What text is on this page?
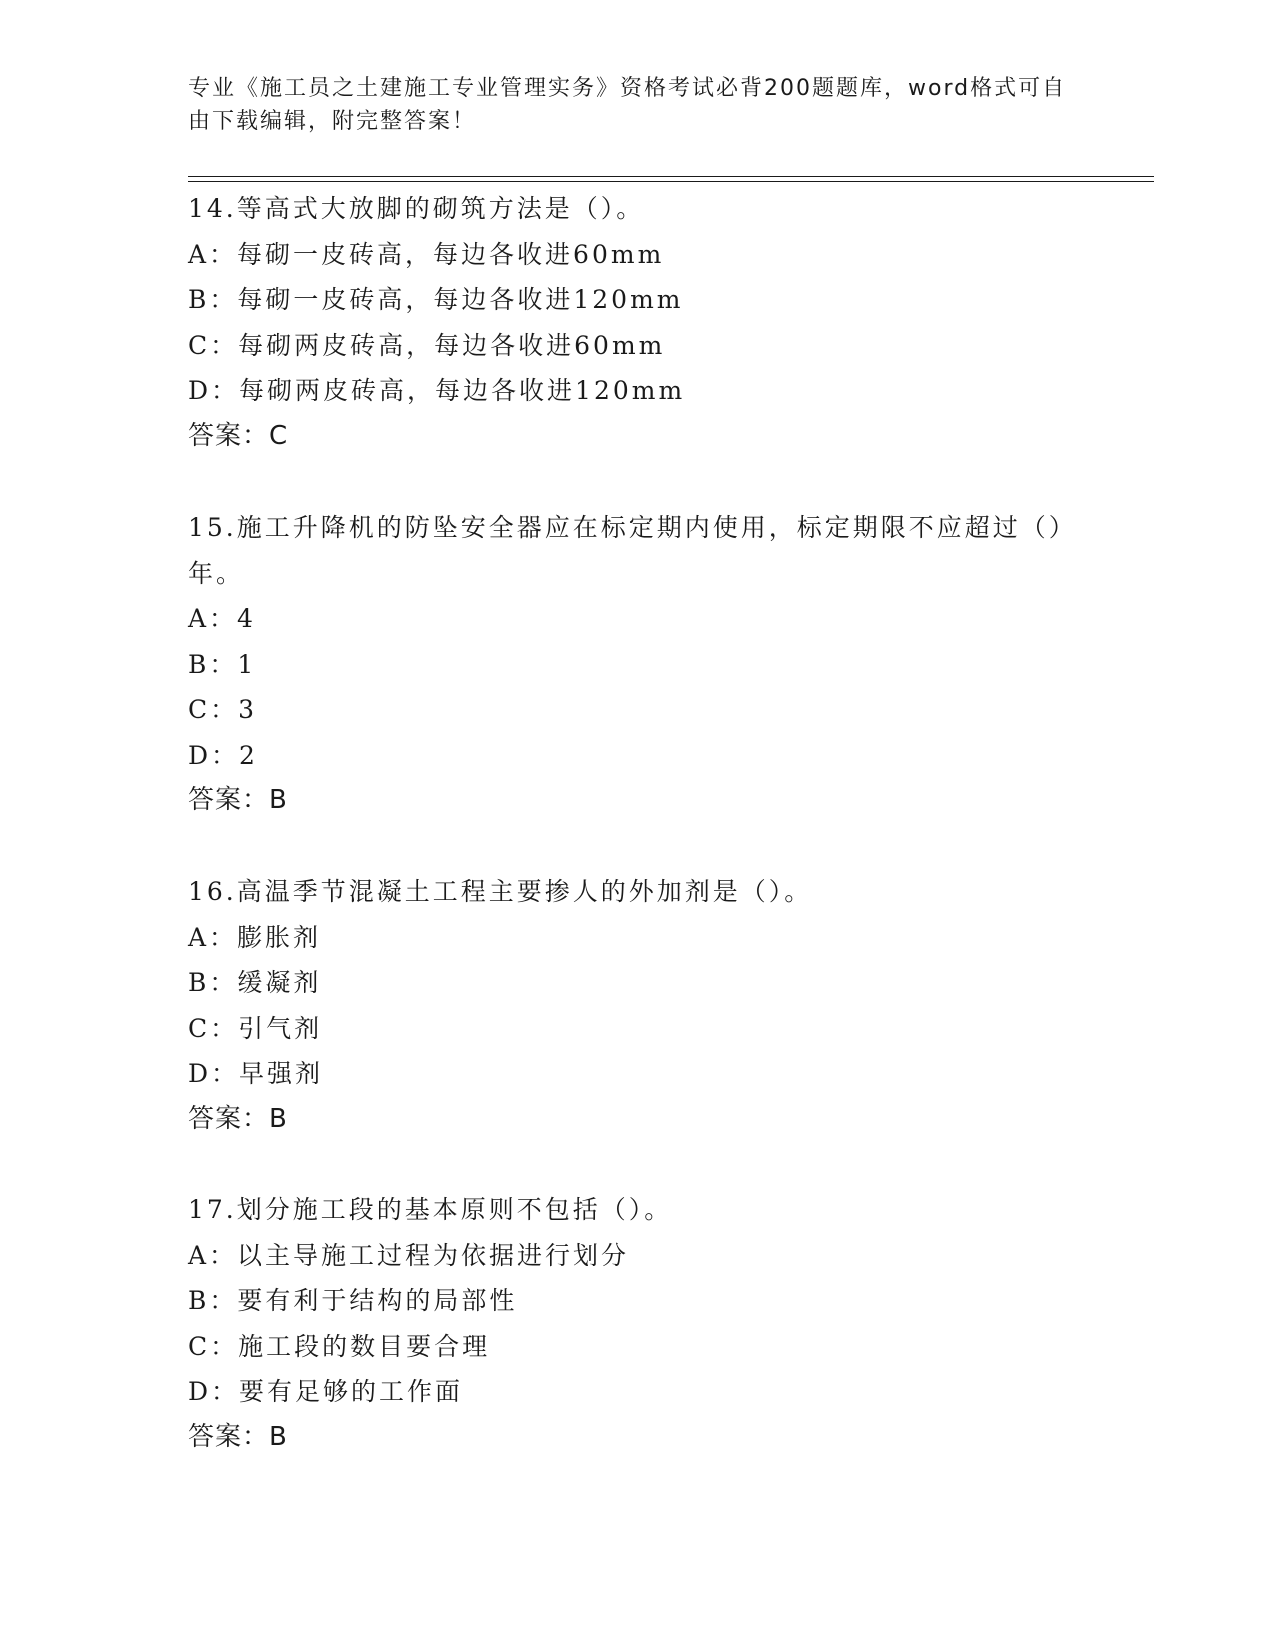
专业《施工员之土建施工专业管理实务》资格考试必背200题题库，word格式可自由下载编辑，附完整答案！

14.等高式大放脚的砌筑方法是（）。

A：每砌一皮砖高，每边各收进60mm

B：每砌一皮砖高，每边各收进120mm

C：每砌两皮砖高，每边各收进60mm

D：每砌两皮砖高，每边各收进120mm

答案：C

15.施工升降机的防坠安全器应在标定期内使用，标定期限不应超过（）年。

A：4

B：1

C：3

D：2

答案：B

16.高温季节混凝土工程主要掺人的外加剂是（）。

A：膨胀剂

B：缓凝剂

C：引气剂

D：早强剂

答案：B

17.划分施工段的基本原则不包括（）。

A：以主导施工过程为依据进行划分

B：要有利于结构的局部性

C：施工段的数目要合理

D：要有足够的工作面

答案：B
